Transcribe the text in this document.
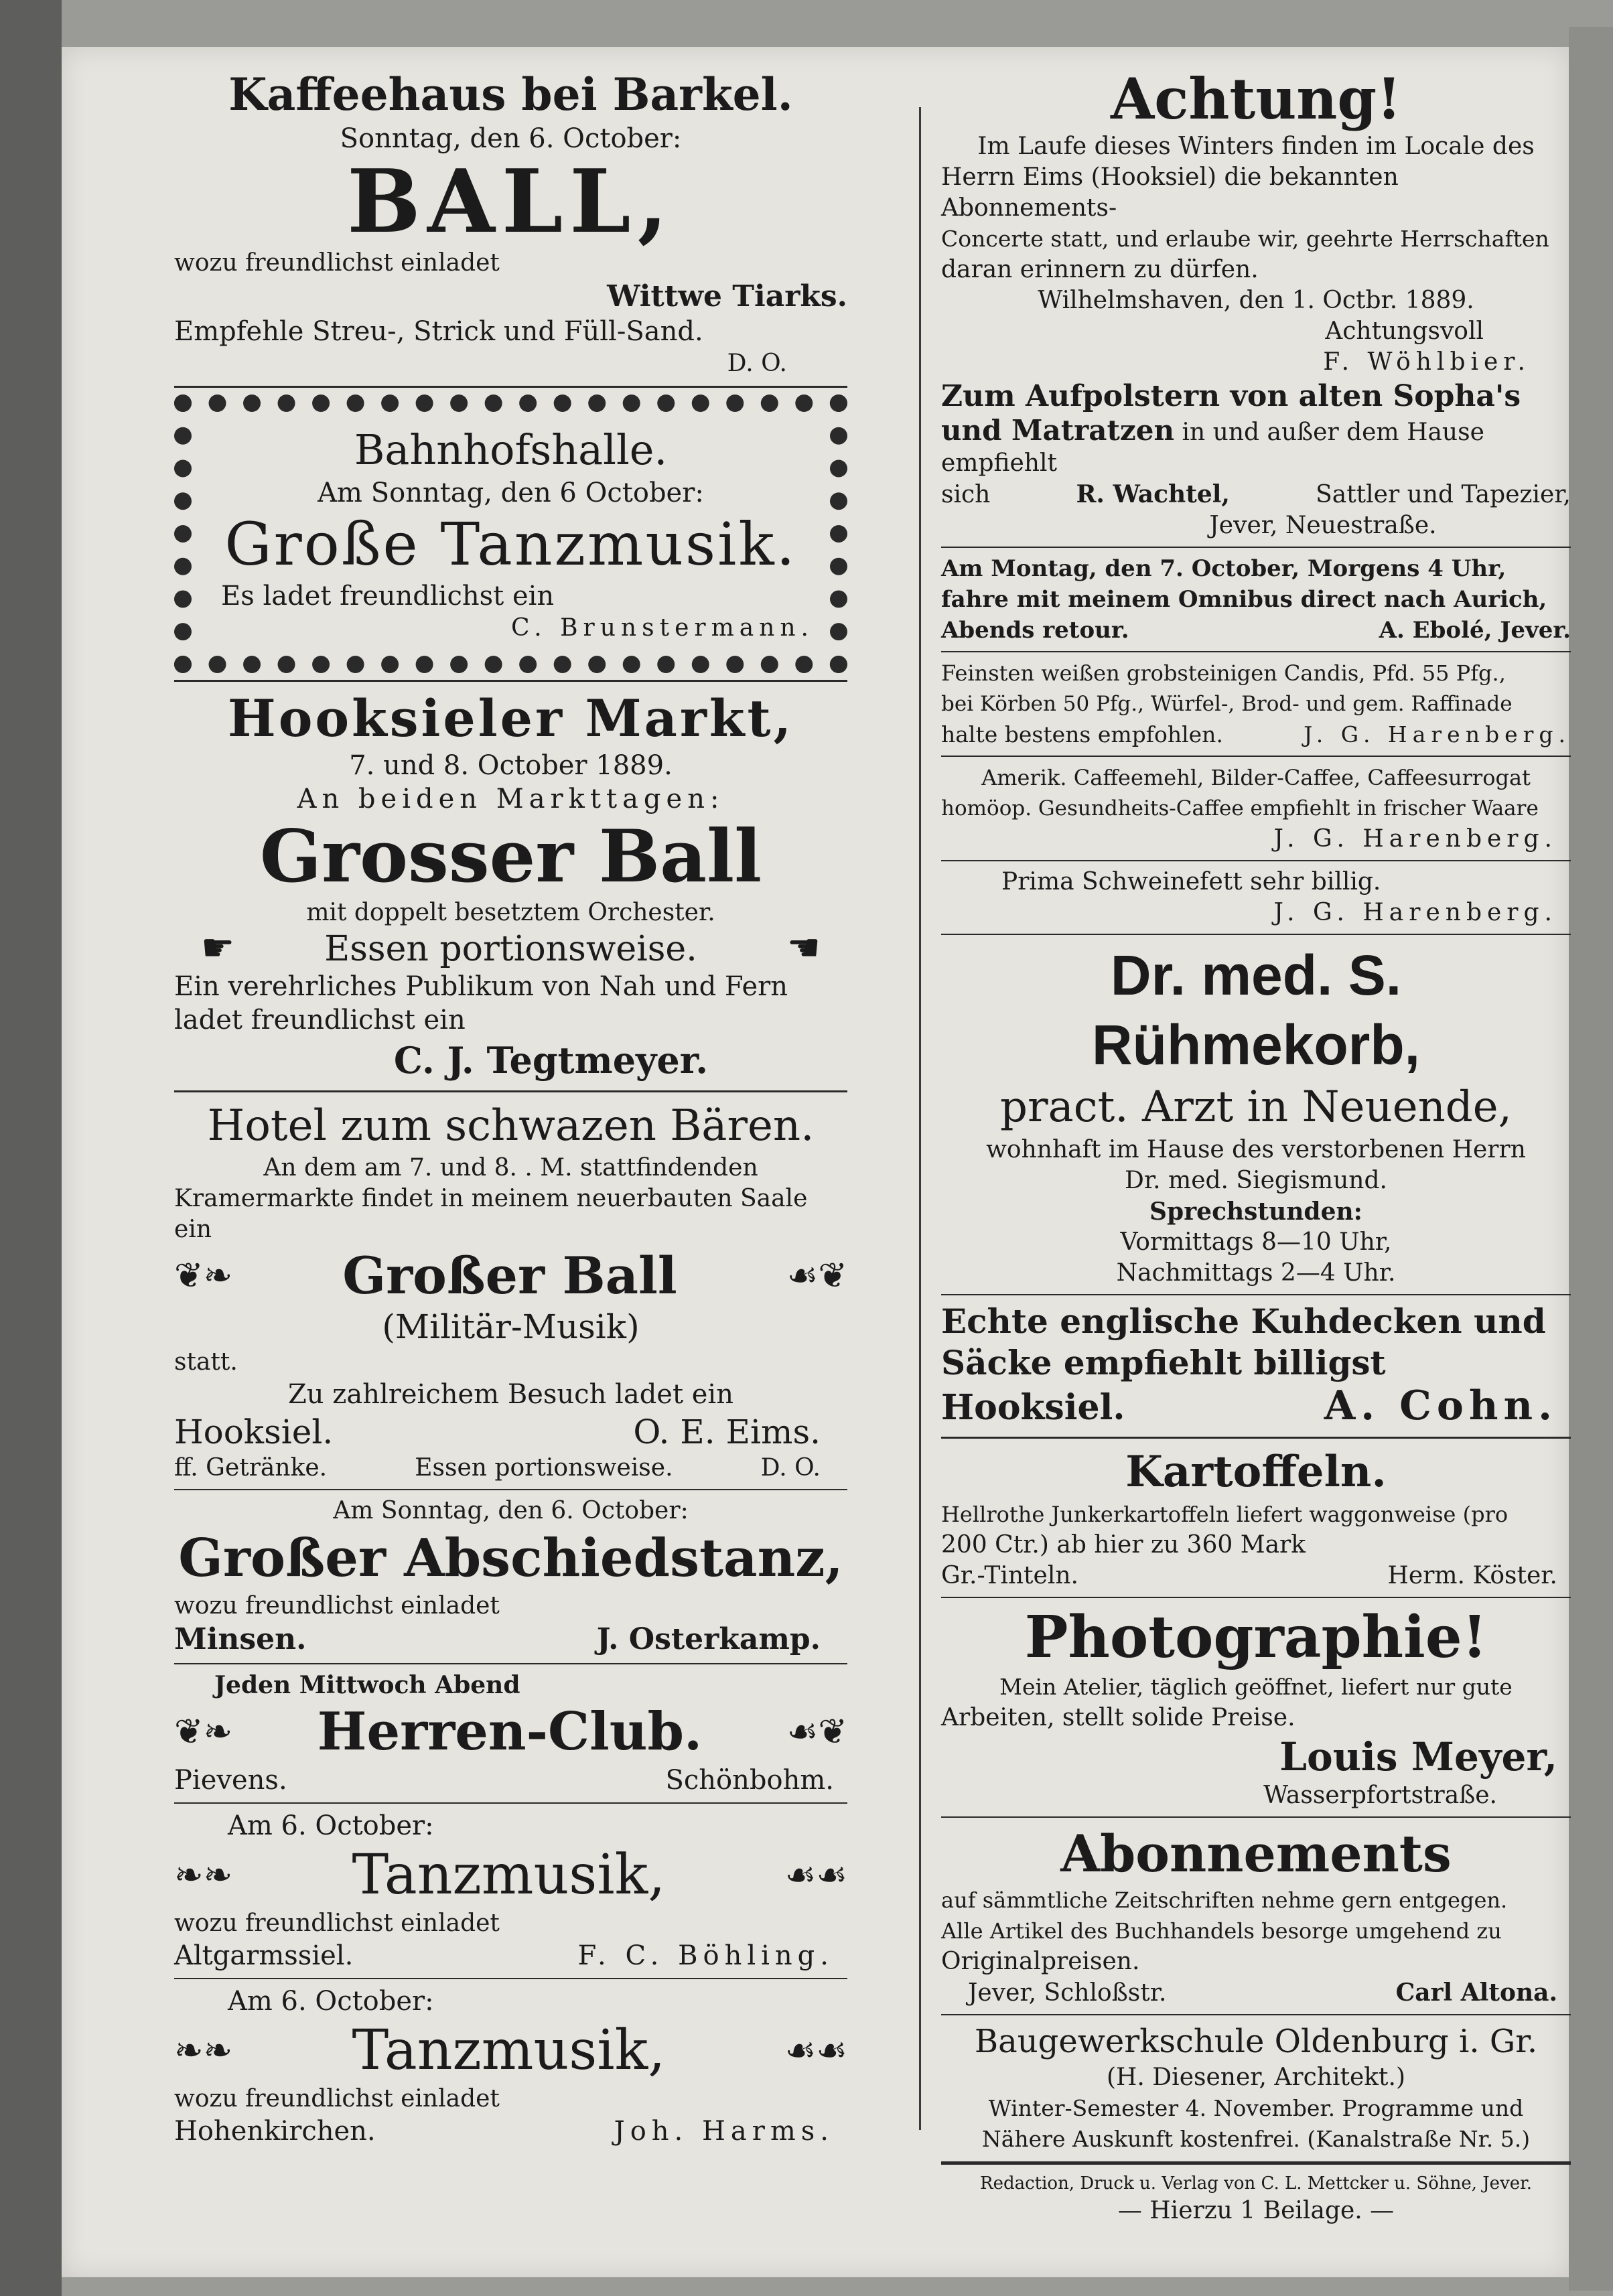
Kaffeehaus bei Barkel.
Sonntag, den 6. October:
BALL,
wozu freundlichst einladet
Wittwe Tiarks.
Empfehle Streu-, Strick und Füll-Sand.
D. O.
Bahnhofshalle.
Am Sonntag, den 6 October:
Große Tanzmusik.
Es ladet freundlichst ein
C. Brunstermann.
Hooksieler Markt,
7. und 8. October 1889.
An beiden Markttagen:
Grosser Ball
mit doppelt besetztem Orchester.
☛	Essen portionsweise. ☚
Ein verehrliches Publikum von Nah und Fern
ladet freundlichst ein
C. J. Tegtmeyer.
Hotel zum schwazen Bären.
An dem am 7. und 8. . M. stattfindenden
Kramermarkte findet in meinem neuerbauten Saale ein
❦❧ Großer Ball	☙❦
(Militär-Musik)
statt.
Zu zahlreichem Besuch ladet ein
Hooksiel.	O. E. Eims.
ff. Getränke.	Essen portionsweise.	D. O.
Am Sonntag, den 6. October:
Großer Abschiedstanz,
wozu freundlichst einladet
Minsen.	J. Osterkamp.
Jeden Mittwoch Abend
❦❧ Herren-Club. ☙❦
Pievens.	Schönbohm.
Am 6. October:
❧❧ Tanzmusik,	☙☙
wozu freundlichst einladet
Altgarmssiel.	F. C. Böhling.
Am 6. October:
❧❧ Tanzmusik,	☙☙
wozu freundlichst einladet
Hohenkirchen.	Joh. Harms.
Achtung!
Im Laufe dieses Winters finden im Locale des
Herrn Eims (Hooksiel) die bekannten Abonnements-
Concerte statt, und erlaube wir, geehrte Herrschaften
daran erinnern zu dürfen.
Wilhelmshaven, den 1. Octbr. 1889.
Achtungsvoll
F. Wöhlbier.
Zum Aufpolstern von alten Sopha's
und Matratzen in und außer dem Hause empfiehlt
sich	R. Wachtel,	Sattler und Tapezier,
Jever, Neuestraße.
Am Montag, den 7. October, Morgens 4 Uhr,
fahre mit meinem Omnibus direct nach Aurich,
Abends retour.	A. Ebolé, Jever.
Feinsten weißen grobsteinigen Candis, Pfd. 55 Pfg.,
bei Körben 50 Pfg., Würfel-, Brod- und gem. Raffinade
halte bestens empfohlen.	J. G. Harenberg.
Amerik. Caffeemehl, Bilder-Caffee, Caffeesurrogat
homöop. Gesundheits-Caffee empfiehlt in frischer Waare
J. G. Harenberg.
Prima Schweinefett sehr billig.
J. G. Harenberg.
Dr. med. S. Rühmekorb,
pract. Arzt in Neuende,
wohnhaft im Hause des verstorbenen Herrn
Dr. med. Siegismund.
Sprechstunden:
Vormittags 8—10 Uhr,
Nachmittags 2—4 Uhr.
Echte englische Kuhdecken und
Säcke empfiehlt billigst
Hooksiel.	A. Cohn.
Kartoffeln.
Hellrothe Junkerkartoffeln liefert waggonweise (pro
200 Ctr.) ab hier zu 360 Mark
Gr.-Tinteln.	Herm. Köster.
Photographie!
Mein Atelier, täglich geöffnet, liefert nur gute
Arbeiten, stellt solide Preise.
Louis Meyer,
Wasserpfortstraße.
Abonnements
auf sämmtliche Zeitschriften nehme gern entgegen.
Alle Artikel des Buchhandels besorge umgehend zu
Originalpreisen.
Jever, Schloßstr.	Carl Altona.
Baugewerkschule Oldenburg i. Gr.
(H. Diesener, Architekt.)
Winter-Semester 4. November. Programme und
Nähere Auskunft kostenfrei. (Kanalstraße Nr. 5.)
Redaction, Druck u. Verlag von C. L. Mettcker u. Söhne, Jever.
— Hierzu 1 Beilage. —
